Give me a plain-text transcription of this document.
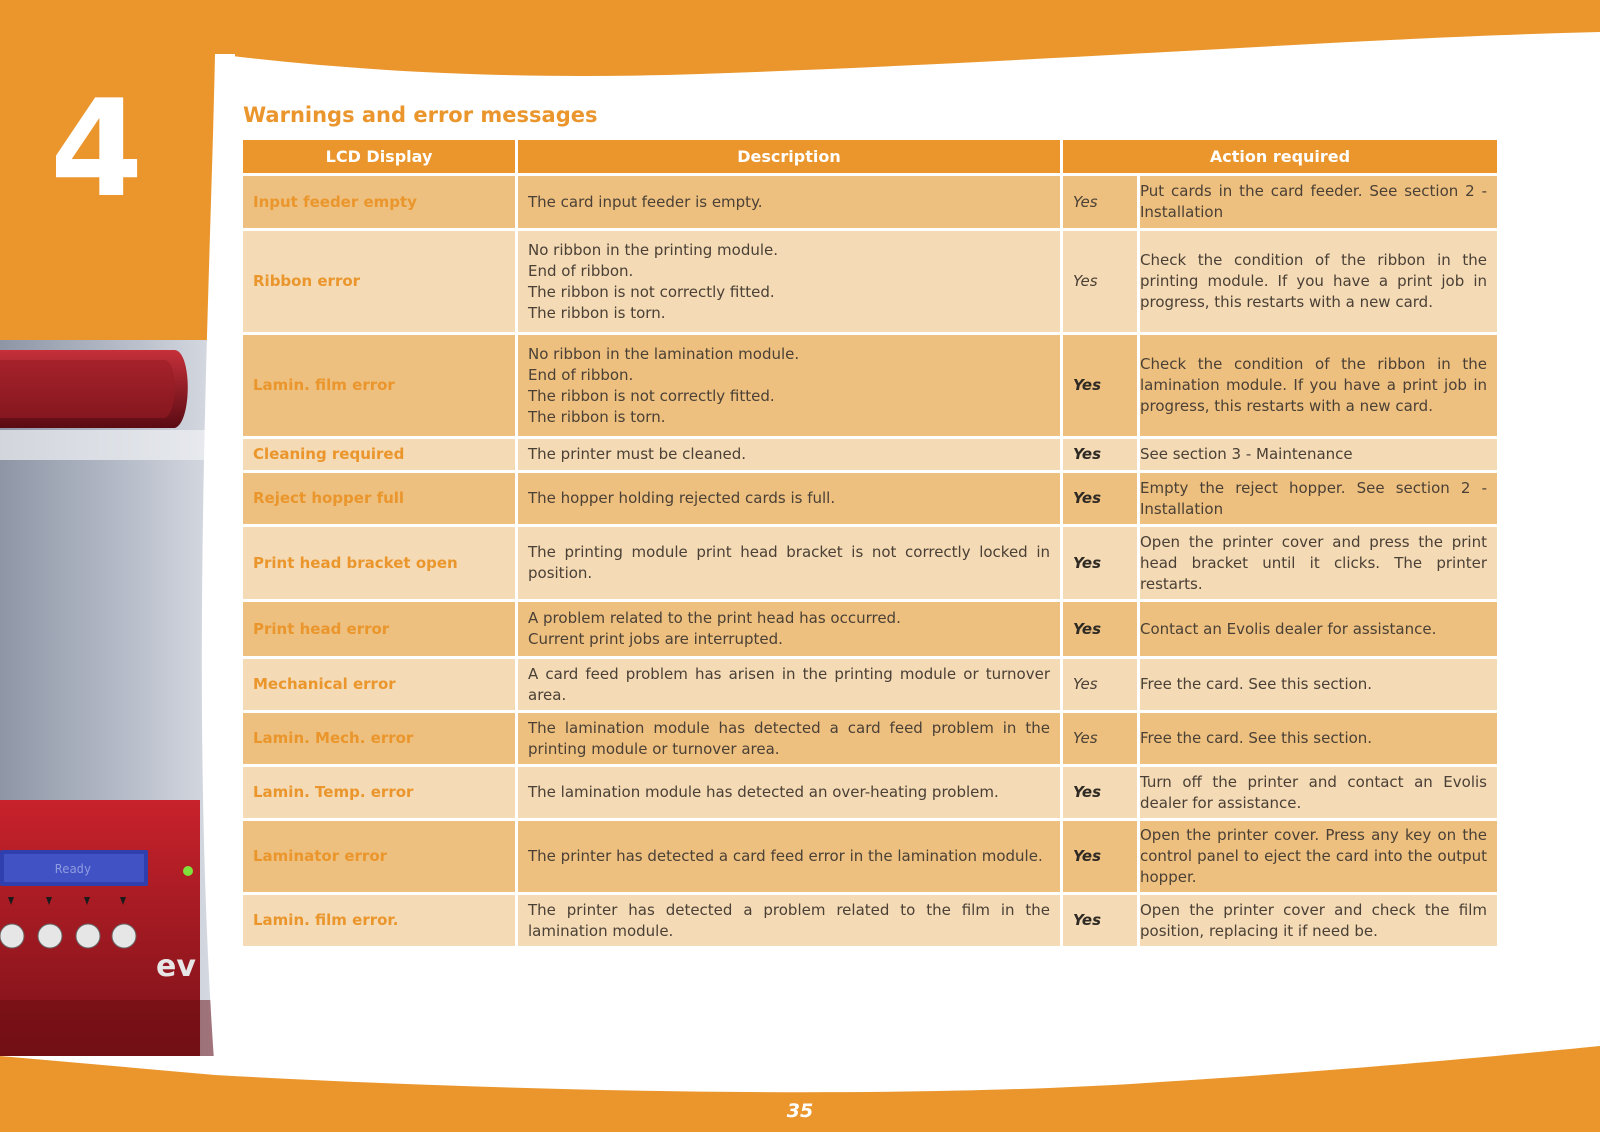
Ready
ev
4	Warnings and error messages
LCD Display	Description	Action required	
Input feeder empty	The card input feeder is empty.	Yes	Put cards in the card feeder. See section 2 - Installation
Ribbon error	No ribbon in the printing module.
End of ribbon.
The ribbon is not correctly fitted.
The ribbon is torn.	Yes	Check the condition of the ribbon in the printing module. If you have a print job in progress, this restarts with a new card.
Lamin. film error	No ribbon in the lamination module.
End of ribbon.
The ribbon is not correctly fitted.
The ribbon is torn.	Yes	Check the condition of the ribbon in the lamination module. If you have a print job in progress, this restarts with a new card.
Cleaning required	The printer must be cleaned.	Yes	See section 3 - Maintenance
Reject hopper full	The hopper holding rejected cards is full.	Yes	Empty the reject hopper. See section 2 - Installation
Print head bracket open	The printing module print head bracket is not correctly locked in position.	Yes	Open the printer cover and press the print head bracket until it clicks. The printer restarts.
Print head error	A problem related to the print head has occurred.
Current print jobs are interrupted.	Yes	Contact an Evolis dealer for assistance.
Mechanical error	A card feed problem has arisen in the printing module or turnover area.	Yes	Free the card. See this section.
Lamin. Mech. error	The lamination module has detected a card feed problem in the printing module or turnover area.	Yes	Free the card. See this section.
Lamin. Temp. error	The lamination module has detected an over-heating problem.	Yes	Turn off the printer and contact an Evolis dealer for assistance.
Laminator error	The printer has detected a card feed error in the lamination module.	Yes	Open the printer cover. Press any key on the control panel to eject the card into the output hopper.
Lamin. film error.	The printer has detected a problem related to the film in the lamination module.	Yes	Open the printer cover and check the film position, replacing it if need be.
35
